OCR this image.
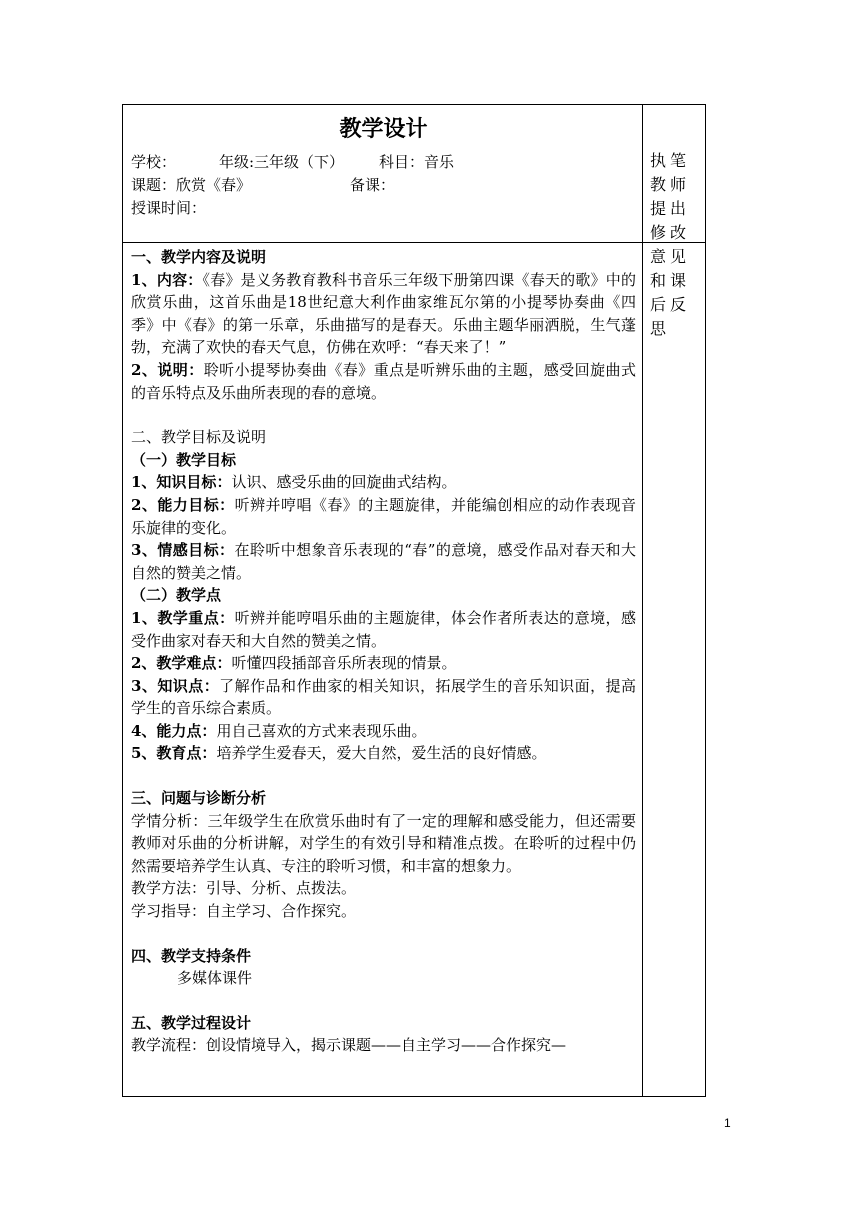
教学设计
学校：	年级:三年级（下） 科目：音乐
课题：欣赏《春》	备课：
授课时间：
执笔教师提出修改意见和课后反思

一、教学内容及说明

1、内容：《春》是义务教育教科书音乐三年级下册第四课《春天的歌》中的欣赏乐曲，这首乐曲是18世纪意大利作曲家维瓦尔第的小提琴协奏曲《四季》中《春》的第一乐章，乐曲描写的是春天。乐曲主题华丽洒脱，生气蓬勃，充满了欢快的春天气息，仿佛在欢呼：“春天来了！”

2、说明：聆听小提琴协奏曲《春》重点是听辨乐曲的主题，感受回旋曲式的音乐特点及乐曲所表现的春的意境。

二、教学目标及说明

（一）教学目标

1、知识目标：认识、感受乐曲的回旋曲式结构。

2、能力目标：听辨并哼唱《春》的主题旋律，并能编创相应的动作表现音乐旋律的变化。

3、情感目标：在聆听中想象音乐表现的“春”的意境，感受作品对春天和大自然的赞美之情。

（二）教学点

1、教学重点：听辨并能哼唱乐曲的主题旋律，体会作者所表达的意境，感受作曲家对春天和大自然的赞美之情。

2、教学难点：听懂四段插部音乐所表现的情景。

3、知识点：了解作品和作曲家的相关知识，拓展学生的音乐知识面，提高学生的音乐综合素质。

4、能力点：用自己喜欢的方式来表现乐曲。

5、教育点：培养学生爱春天，爱大自然，爱生活的良好情感。

三、问题与诊断分析

学情分析：三年级学生在欣赏乐曲时有了一定的理解和感受能力，但还需要教师对乐曲的分析讲解，对学生的有效引导和精准点拨。在聆听的过程中仍然需要培养学生认真、专注的聆听习惯，和丰富的想象力。

教学方法：引导、分析、点拨法。

学习指导：自主学习、合作探究。

四、教学支持条件

多媒体课件

五、教学过程设计

教学流程：创设情境导入，揭示课题——自主学习——合作探究—

1
